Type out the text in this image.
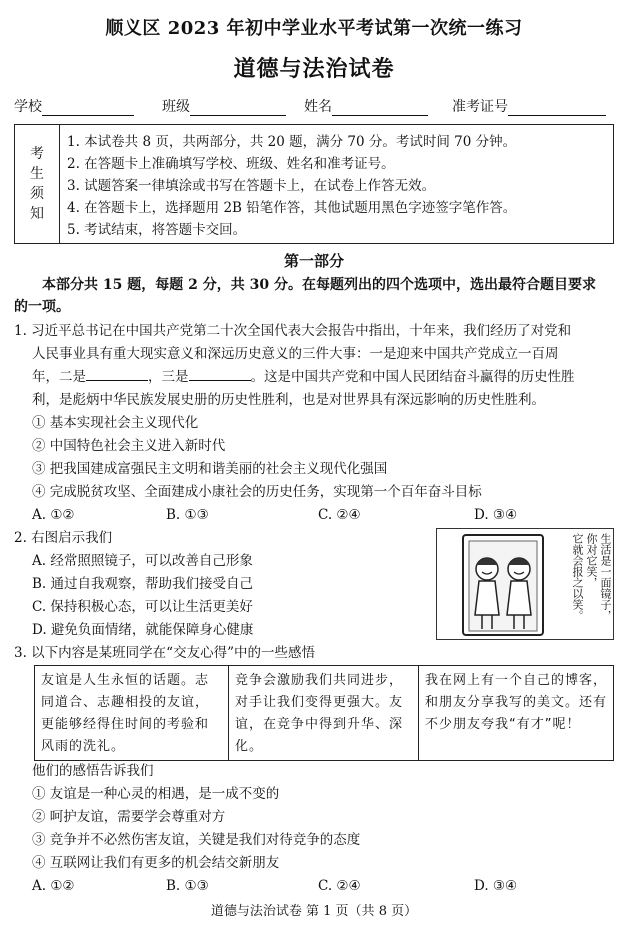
顺义区 2023 年初中学业水平考试第一次统一练习
道德与法治试卷
学校	班级	姓名	准考证号
考
生
须
知
1. 本试卷共 8 页，共两部分，共 20 题，满分 70 分。考试时间 70 分钟。
2. 在答题卡上准确填写学校、班级、姓名和准考证号。
3. 试题答案一律填涂或书写在答题卡上，在试卷上作答无效。
4. 在答题卡上，选择题用 2B 铅笔作答，其他试题用黑色字迹签字笔作答。
5. 考试结束，将答题卡交回。
第一部分
本部分共 15 题，每题 2 分，共 30 分。在每题列出的四个选项中，选出最符合题目要求
的一项。
1. 习近平总书记在中国共产党第二十次全国代表大会报告中指出，十年来，我们经历了对党和
人民事业具有重大现实意义和深远历史意义的三件大事：一是迎来中国共产党成立一百周
年，二是	，三是	。这是中国共产党和中国人民团结奋斗赢得的历史性胜
利，是彪炳中华民族发展史册的历史性胜利，也是对世界具有深远影响的历史性胜利。
① 基本实现社会主义现代化
② 中国特色社会主义进入新时代
③ 把我国建成富强民主文明和谐美丽的社会主义现代化强国
④ 完成脱贫攻坚、全面建成小康社会的历史任务，实现第一个百年奋斗目标
A. ①②	B. ①③	C. ②④	D. ③④
2. 右图启示我们
A. 经常照照镜子，可以改善自己形象
B. 通过自我观察，帮助我们接受自己
C. 保持积极心态，可以让生活更美好
D. 避免负面情绪，就能保障身心健康
生活是一面镜子，
你对它笑，
它就会报之以笑。
3. 以下内容是某班同学在“交友心得”中的一些感悟
友谊是人生永恒的话题。志同道合、志趣相投的友谊，更能够经得住时间的考验和风雨的洗礼。
竞争会激励我们共同进步，对手让我们变得更强大。友谊，在竞争中得到升华、深化。
我在网上有一个自己的博客，和朋友分享我写的美文。还有不少朋友夸我“有才”呢！
他们的感悟告诉我们
① 友谊是一种心灵的相遇，是一成不变的
② 呵护友谊，需要学会尊重对方
③ 竞争并不必然伤害友谊，关键是我们对待竞争的态度
④ 互联网让我们有更多的机会结交新朋友
A. ①②	B. ①③	C. ②④	D. ③④
道德与法治试卷 第 1 页（共 8 页）
